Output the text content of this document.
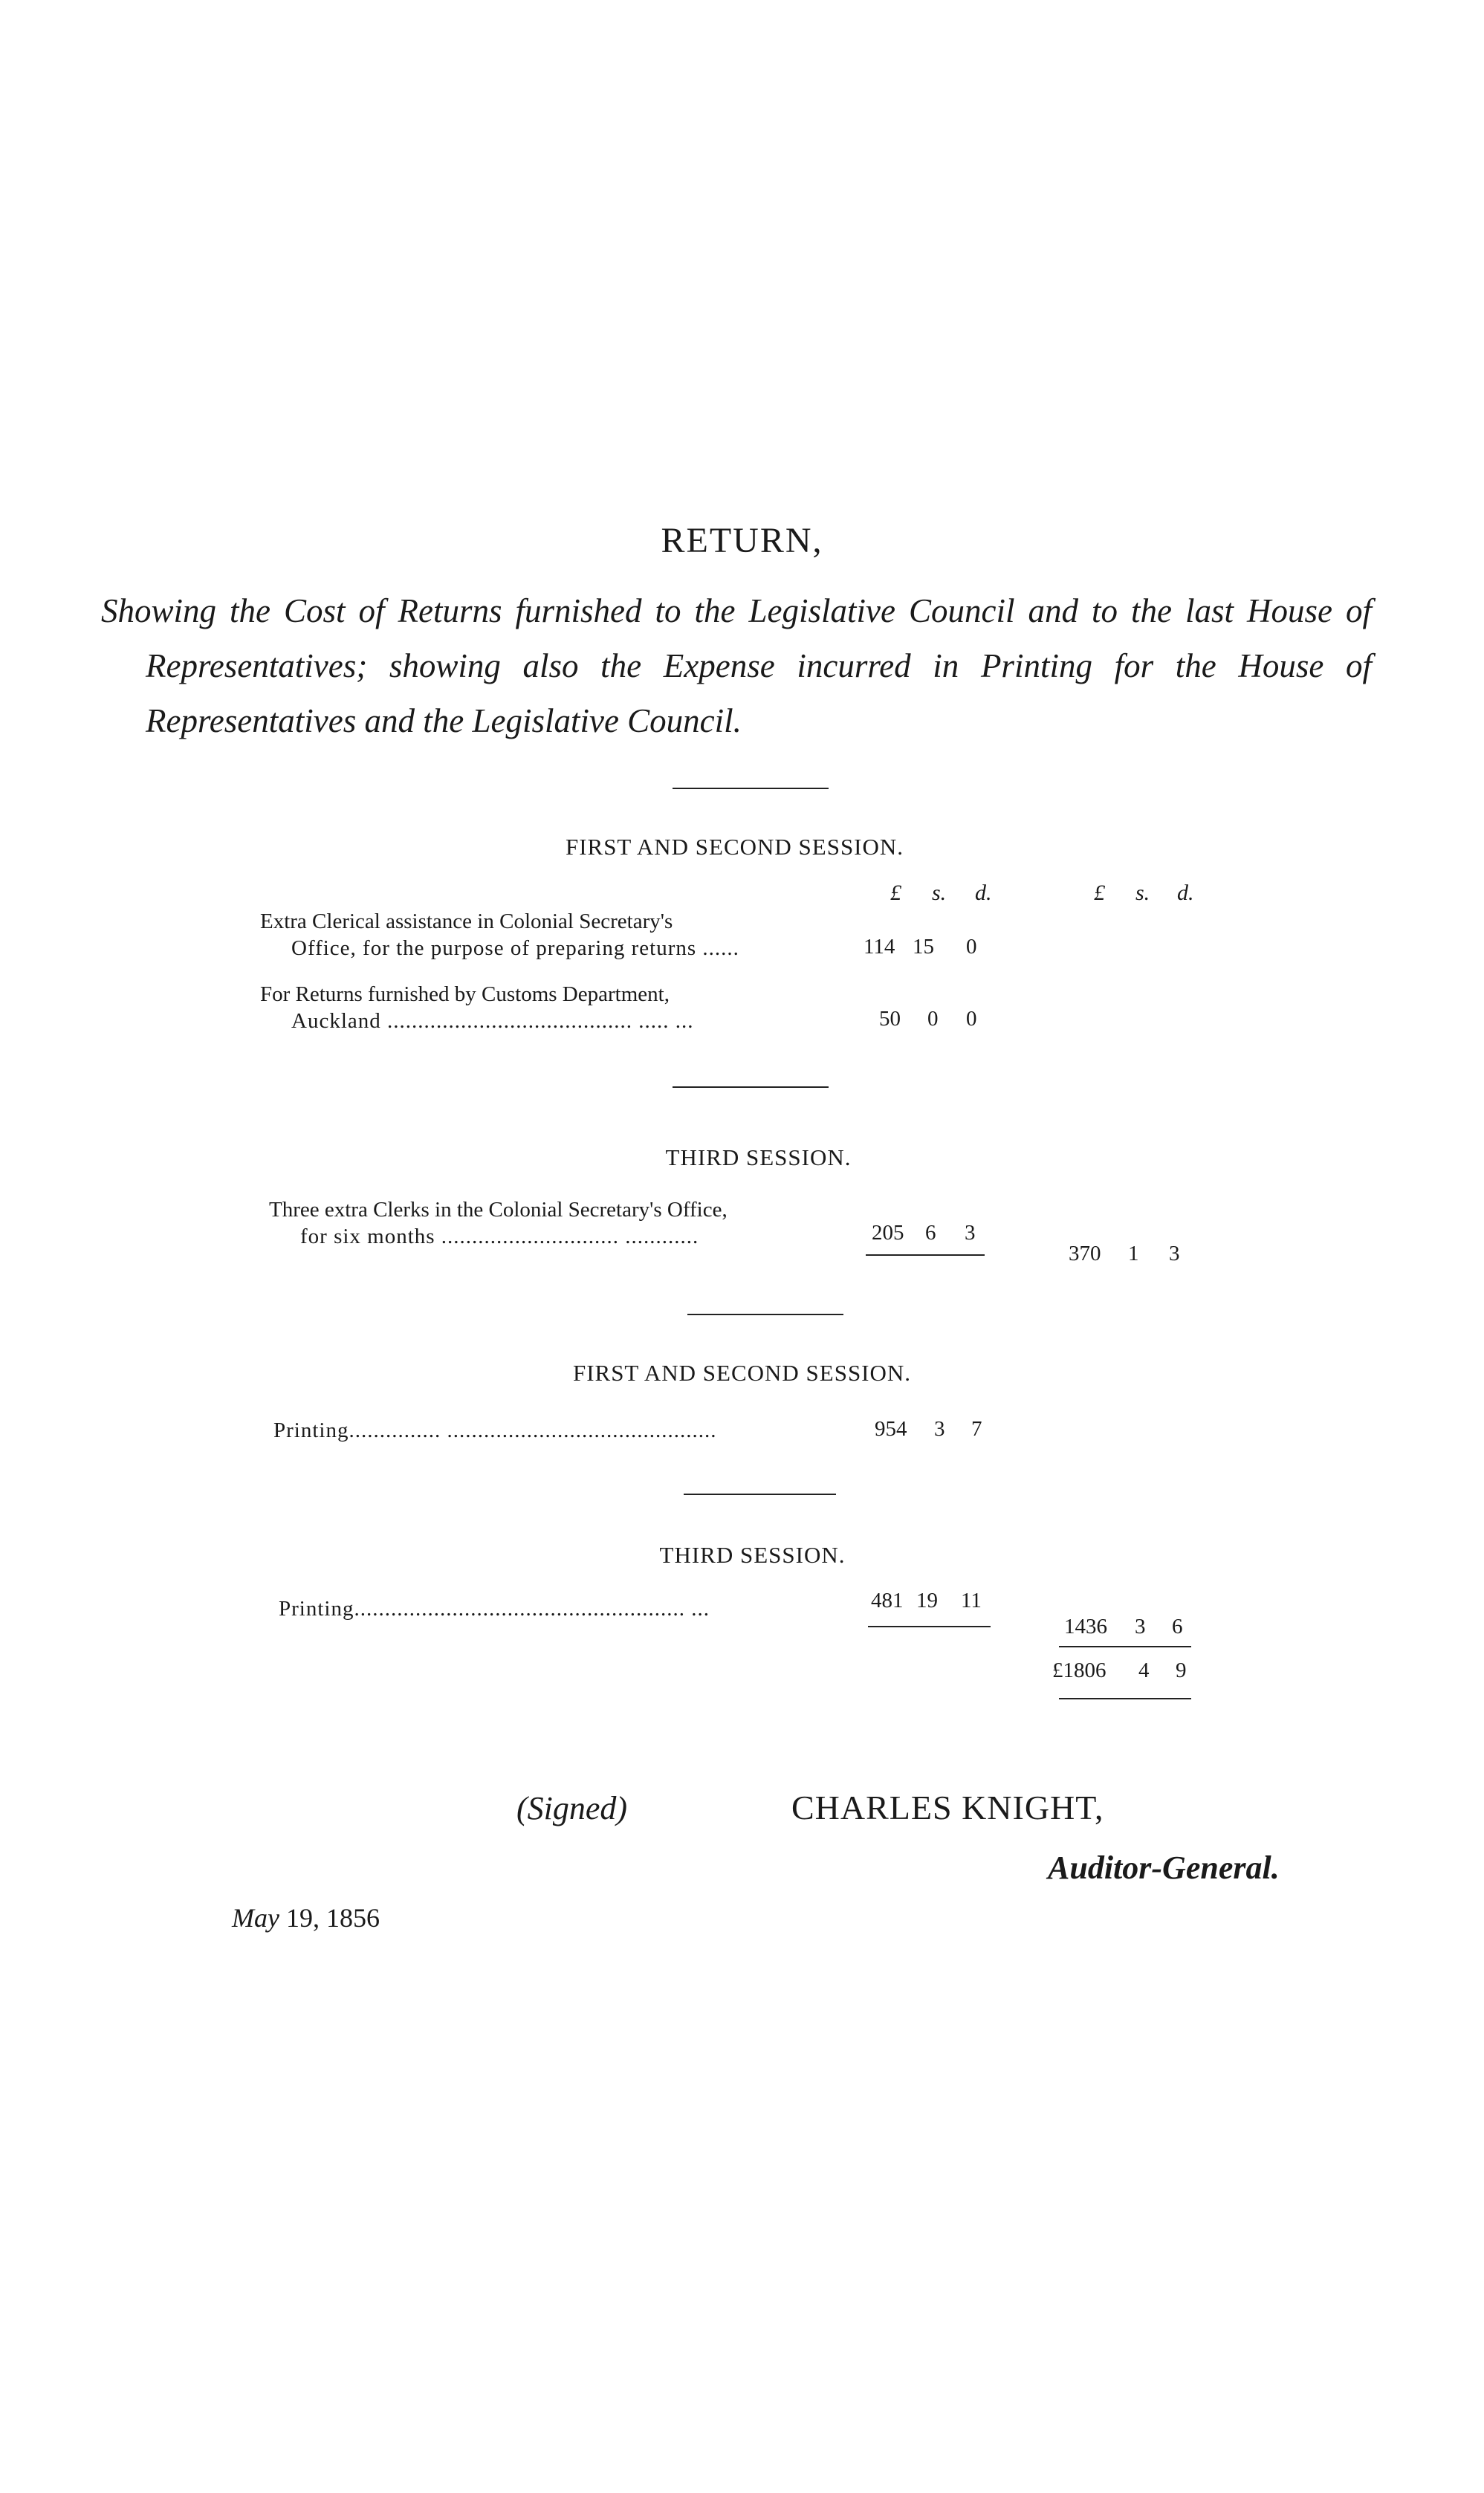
RETURN,
Showing the Cost of Returns furnished to the Legislative Council and to the last House of Representatives; showing also the Expense incurred in Printing for the House of Representatives and the Legislative Council.
FIRST AND SECOND SESSION.
£ s. d.	£ s. d.
Extra Clerical assistance in Colonial Secretary's
Office, for the purpose of preparing returns ......	114 15 0
For Returns furnished by Customs Department,
Auckland ........................................ ..... ...	50 0 0
THIRD SESSION.
Three extra Clerks in the Colonial Secretary's Office,
for six months ............................. ............	205 6 3
370 1 3
FIRST AND SECOND SESSION.
Printing............... ............................................	954 3 7
THIRD SESSION.
Printing...................................................... ...	481 19 11
1436 3 6
£1806 4 9
(Signed)	CHARLES KNIGHT,
Auditor-General.
May 19, 1856
